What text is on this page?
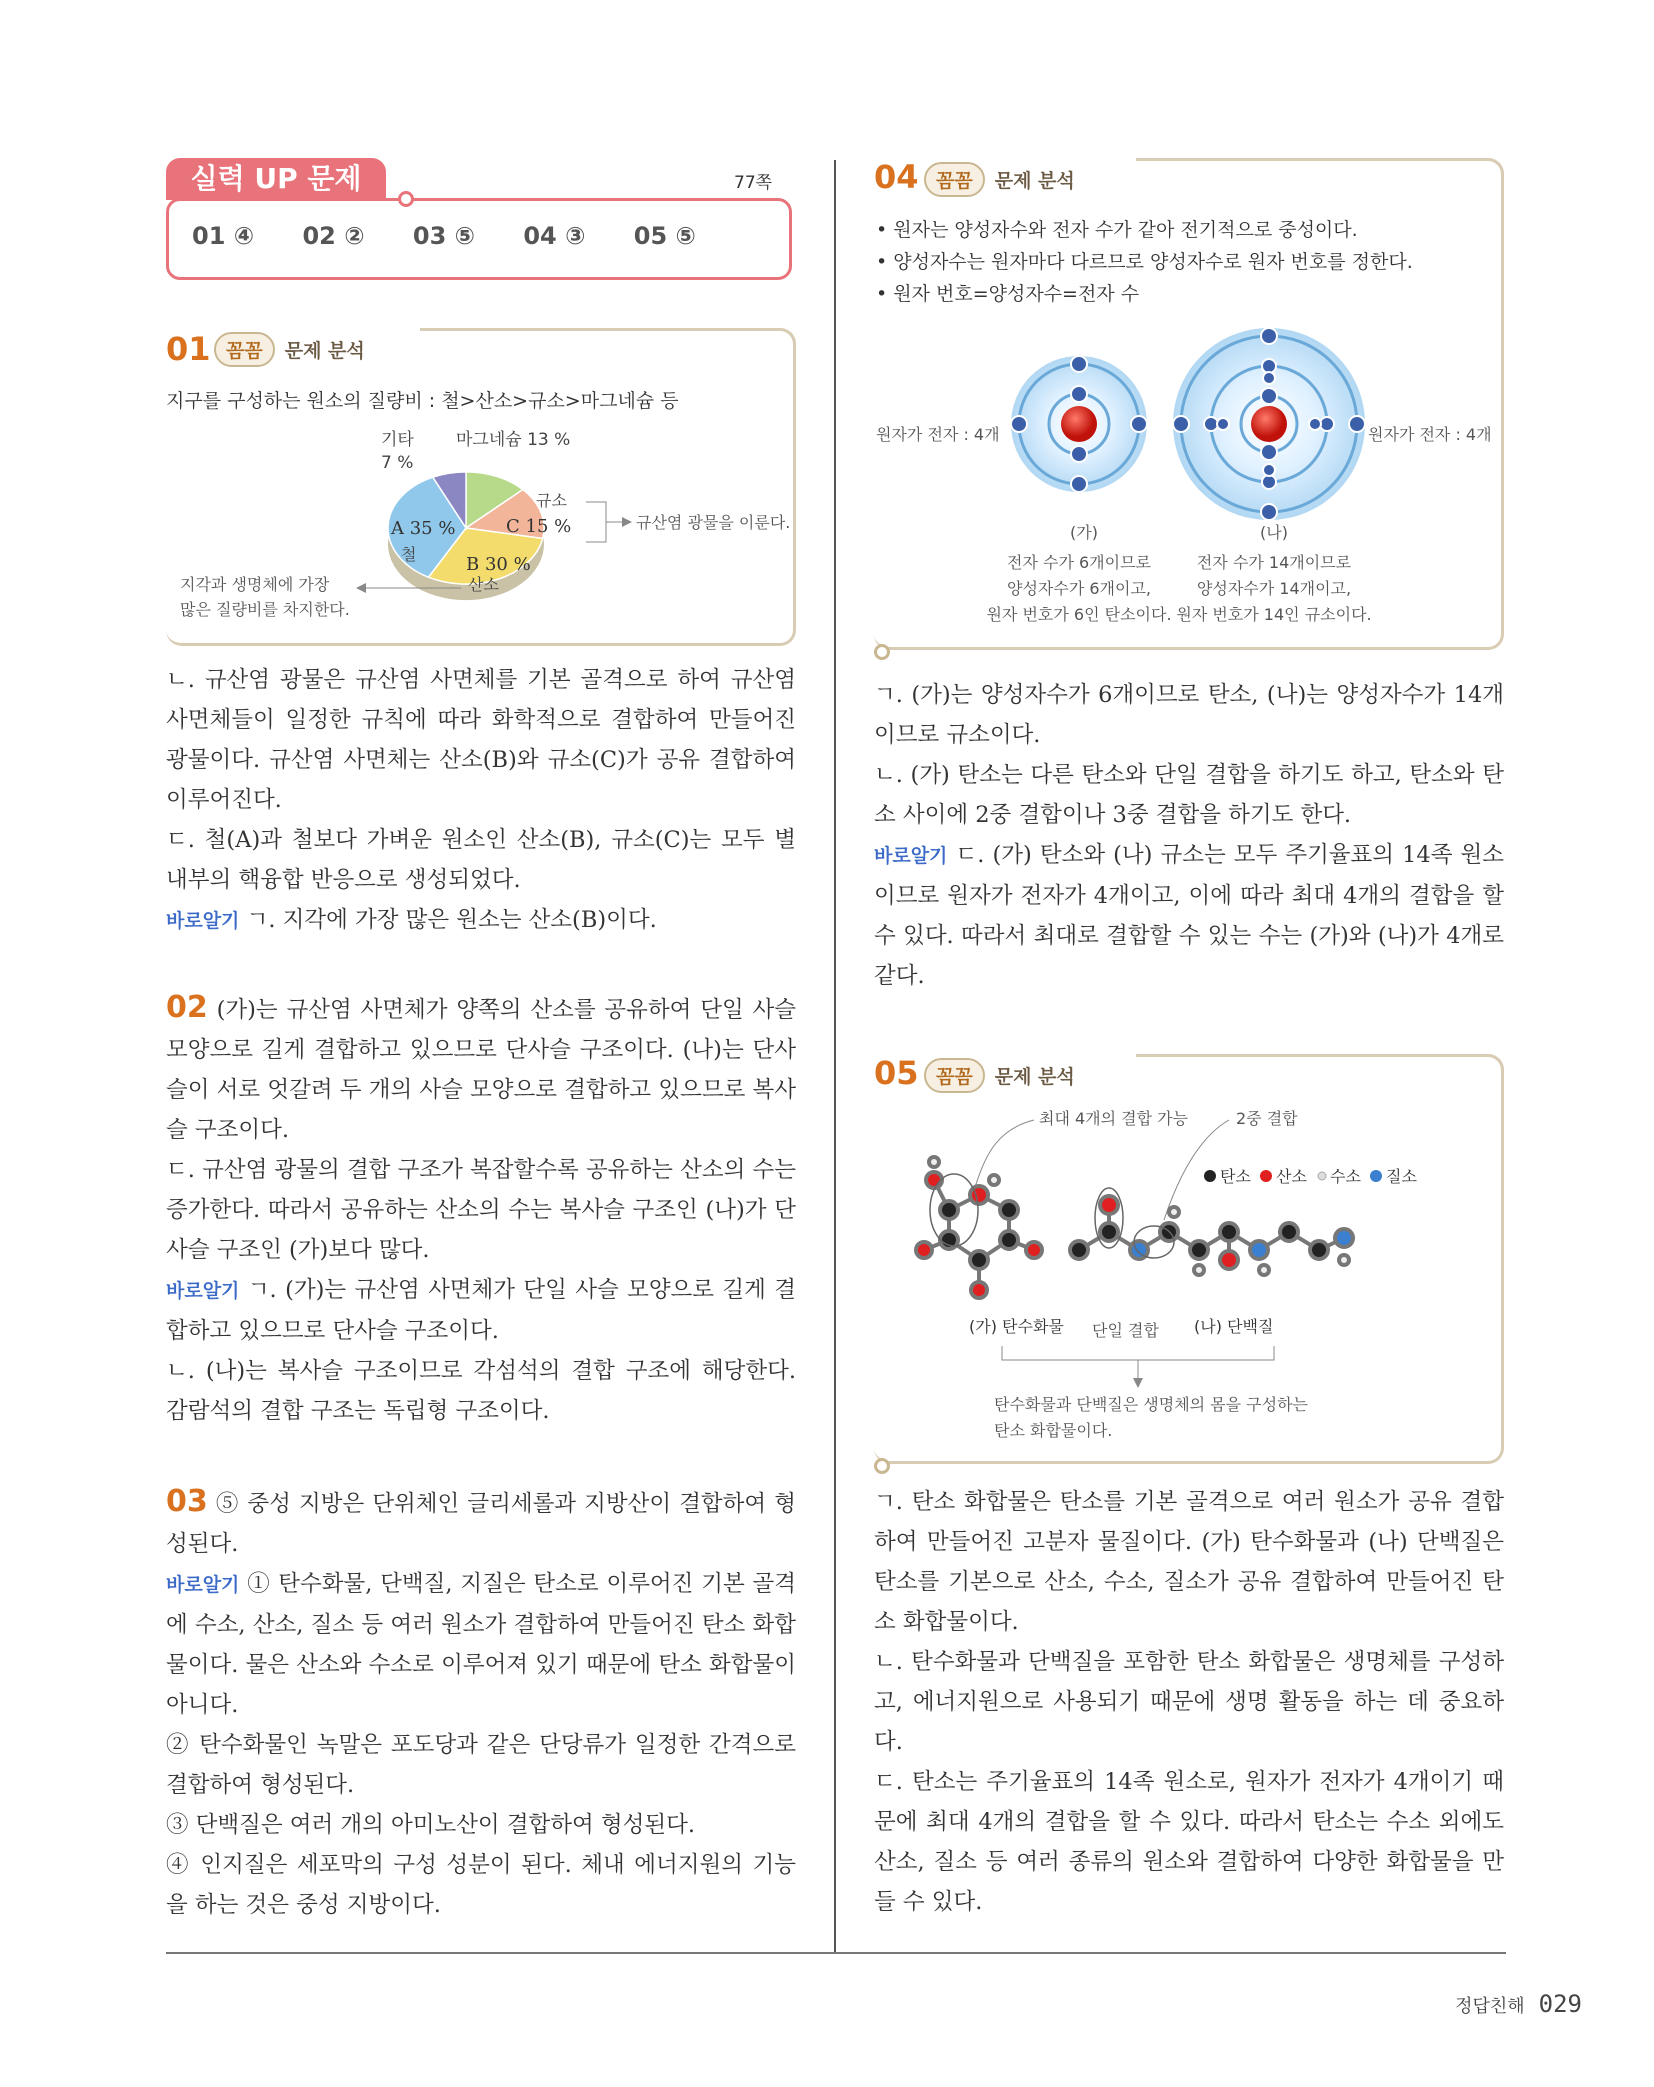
실력 UP 문제	77쪽
01 ④ 02 ② 03 ⑤ 04 ③ 05 ⑤
01 꼼꼼 문제 분석
지구를 구성하는 원소의 질량비 : 철>산소>규소>마그네슘 등
기타
7 %
마그네슘 13 %
규소
C 15 %
A 35 %
철	B 30 %
산소
규산염 광물을 이룬다.
지각과 생명체에 가장
많은 질량비를 차지한다.

ㄴ. 규산염 광물은 규산염 사면체를 기본 골격으로 하여 규산염 사면체들이 일정한 규칙에 따라 화학적으로 결합하여 만들어진 광물이다. 규산염 사면체는 산소(B)와 규소(C)가 공유 결합하여 이루어진다.

ㄷ. 철(A)과 철보다 가벼운 원소인 산소(B), 규소(C)는 모두 별 내부의 핵융합 반응으로 생성되었다.

바로알기 ㄱ. 지각에 가장 많은 원소는 산소(B)이다.

02 (가)는 규산염 사면체가 양쪽의 산소를 공유하여 단일 사슬 모양으로 길게 결합하고 있으므로 단사슬 구조이다. (나)는 단사슬이 서로 엇갈려 두 개의 사슬 모양으로 결합하고 있으므로 복사슬 구조이다.

ㄷ. 규산염 광물의 결합 구조가 복잡할수록 공유하는 산소의 수는 증가한다. 따라서 공유하는 산소의 수는 복사슬 구조인 (나)가 단사슬 구조인 (가)보다 많다.

바로알기 ㄱ. (가)는 규산염 사면체가 단일 사슬 모양으로 길게 결합하고 있으므로 단사슬 구조이다.

ㄴ. (나)는 복사슬 구조이므로 각섬석의 결합 구조에 해당한다. 감람석의 결합 구조는 독립형 구조이다.

03 ⑤ 중성 지방은 단위체인 글리세롤과 지방산이 결합하여 형성된다.

바로알기 ① 탄수화물, 단백질, 지질은 탄소로 이루어진 기본 골격에 수소, 산소, 질소 등 여러 원소가 결합하여 만들어진 탄소 화합물이다. 물은 산소와 수소로 이루어져 있기 때문에 탄소 화합물이 아니다.

② 탄수화물인 녹말은 포도당과 같은 단당류가 일정한 간격으로 결합하여 형성된다.

③ 단백질은 여러 개의 아미노산이 결합하여 형성된다.

④ 인지질은 세포막의 구성 성분이 된다. 체내 에너지원의 기능을 하는 것은 중성 지방이다.

04 꼼꼼 문제 분석
• 원자는 양성자수와 전자 수가 같아 전기적으로 중성이다.
• 양성자수는 원자마다 다르므로 양성자수로 원자 번호를 정한다.
• 원자 번호=양성자수=전자 수
원자가 전자 : 4개	원자가 전자 : 4개
(가)	(나)
전자 수가 6개이므로
양성자수가 6개이고,
원자 번호가 6인 탄소이다.
전자 수가 14개이므로
양성자수가 14개이고,
원자 번호가 14인 규소이다.

ㄱ. (가)는 양성자수가 6개이므로 탄소, (나)는 양성자수가 14개이므로 규소이다.

ㄴ. (가) 탄소는 다른 탄소와 단일 결합을 하기도 하고, 탄소와 탄소 사이에 2중 결합이나 3중 결합을 하기도 한다.

바로알기 ㄷ. (가) 탄소와 (나) 규소는 모두 주기율표의 14족 원소이므로 원자가 전자가 4개이고, 이에 따라 최대 4개의 결합을 할 수 있다. 따라서 최대로 결합할 수 있는 수는 (가)와 (나)가 4개로 같다.

05 꼼꼼 문제 분석
최대 4개의 결합 가능	2중 결합
탄소 산소 수소 질소
(가) 탄수화물 단일 결합 (나) 단백질
탄수화물과 단백질은 생명체의 몸을 구성하는
탄소 화합물이다.

ㄱ. 탄소 화합물은 탄소를 기본 골격으로 여러 원소가 공유 결합하여 만들어진 고분자 물질이다. (가) 탄수화물과 (나) 단백질은 탄소를 기본으로 산소, 수소, 질소가 공유 결합하여 만들어진 탄소 화합물이다.

ㄴ. 탄수화물과 단백질을 포함한 탄소 화합물은 생명체를 구성하고, 에너지원으로 사용되기 때문에 생명 활동을 하는 데 중요하다.

ㄷ. 탄소는 주기율표의 14족 원소로, 원자가 전자가 4개이기 때문에 최대 4개의 결합을 할 수 있다. 따라서 탄소는 수소 외에도 산소, 질소 등 여러 종류의 원소와 결합하여 다양한 화합물을 만들 수 있다.

정답친해 029
